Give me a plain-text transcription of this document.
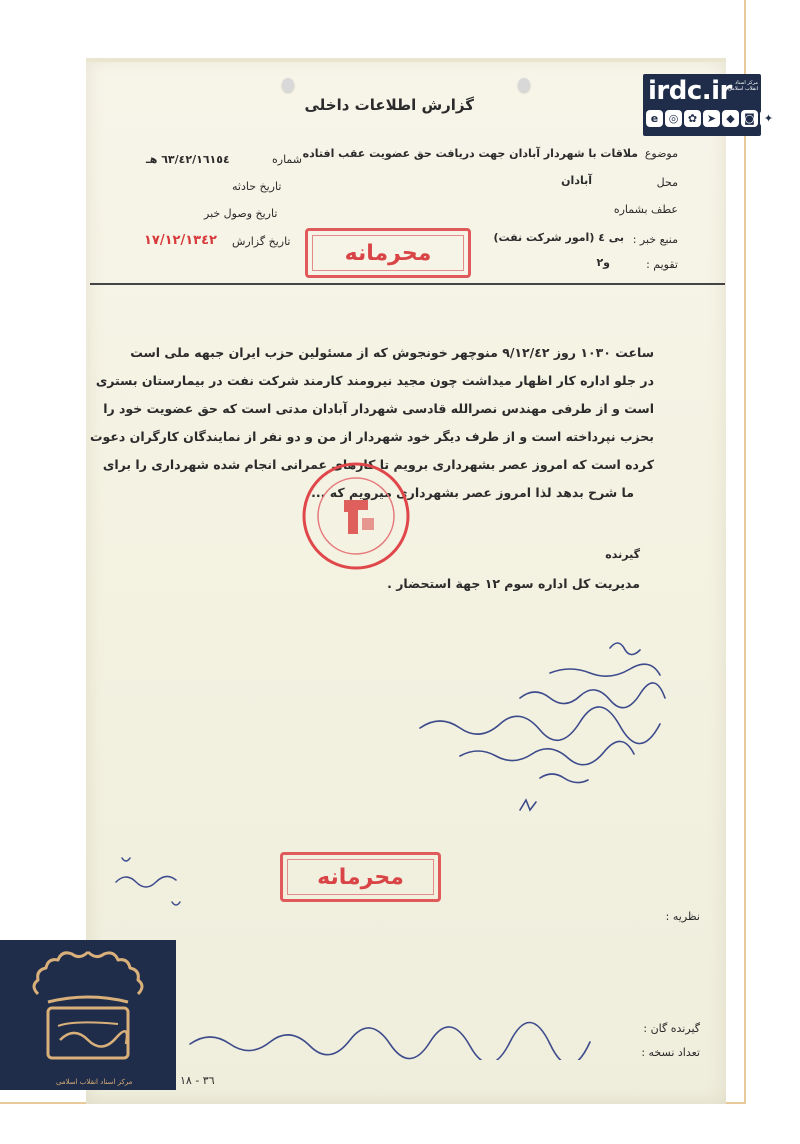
گزارش اطلاعات داخلی
موضوع
ملاقات با شهردار آبادان جهت دریافت حق عضویت عقب افتاده
محل
آبادان
عطف بشماره
منبع خبر :
بی ٤ (امور شرکت نفت)
تقویم :
و٢
شماره
٦٣/٤٢/١٦١٥٤ هـ
تاریخ حادثه
تاریخ وصول خبر
تاریخ گزارش
١٧/١٢/١٣٤٢	محرمانه
ساعت ١٠٣٠ روز ٩/١٢/٤٢ منوچهر خونجوش که از مسئولین حزب ایران جبهه ملی است
در جلو اداره کار اظهار میداشت چون مجید نیرومند کارمند شرکت نفت در بیمارستان بستری
است و از طرفی مهندس نصرالله قادسی شهردار آبادان مدتی است که حق عضویت خود را
بحزب نپرداخته است و از طرف دیگر خود شهردار از من و دو نفر از نمایندگان کارگران دعوت
کرده است که امروز عصر بشهرداری برویم تا کارهای عمرانی انجام شده شهرداری را برای
ما شرح بدهد لذا امروز عصر بشهرداری میرویم که ...
گیرنده
مدیریت کل اداره سوم ١٢ جهة استحضار .
محرمانه
نظریه :
گیرنده گان :
تعداد نسخه :
٣٦ - ١٨
irdc.ir مرکز اسناد انقلاب اسلامی
e ◎ ✿ ➤ ◆ ◙ ✦
مرکز اسناد انقلاب اسلامی
